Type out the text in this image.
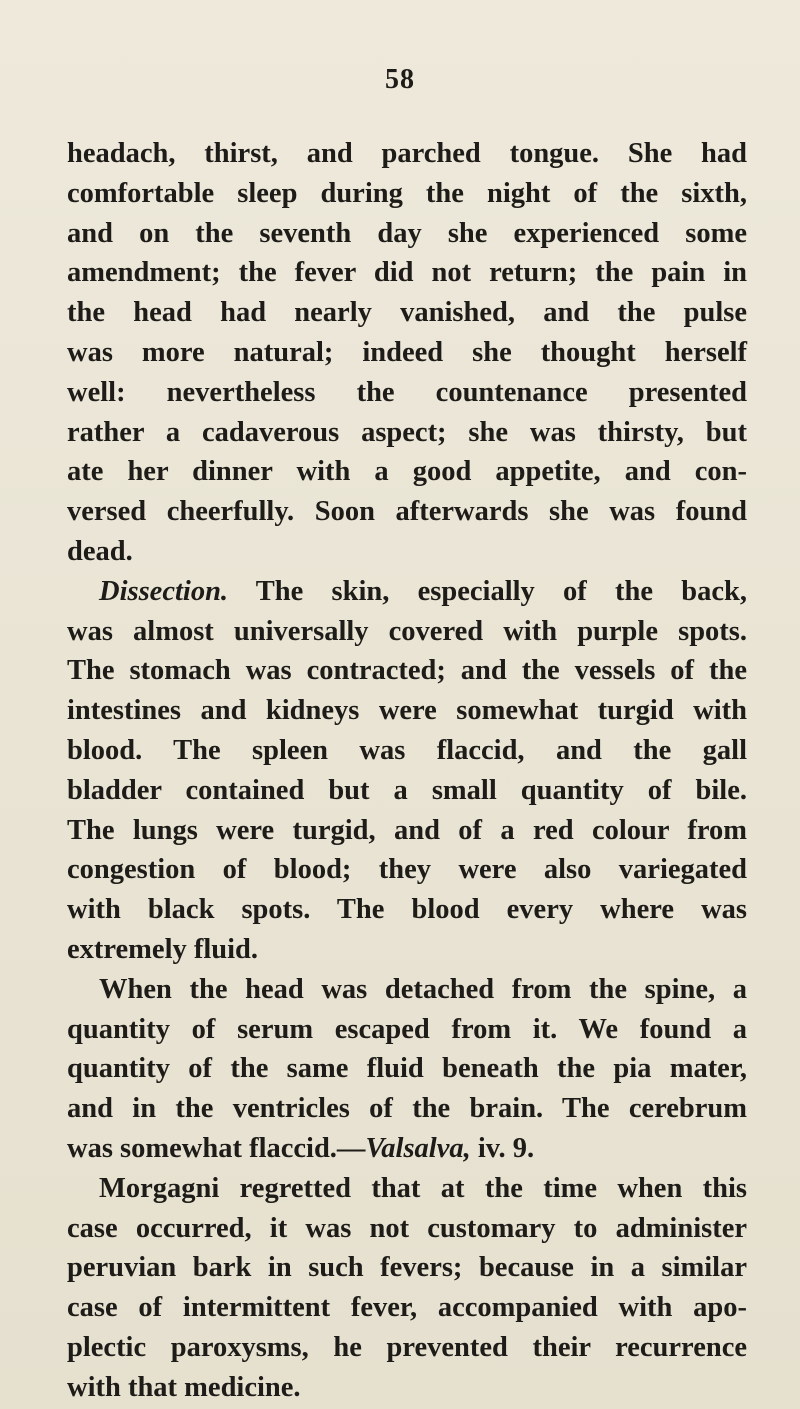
58
headach, thirst, and parched tongue. She had
comfortable sleep during the night of the sixth,
and on the seventh day she experienced some
amendment; the fever did not return; the pain in
the head had nearly vanished, and the pulse
was more natural; indeed she thought herself
well: nevertheless the countenance presented
rather a cadaverous aspect; she was thirsty, but
ate her dinner with a good appetite, and con-
versed cheerfully. Soon afterwards she was found
dead.
Dissection. The skin, especially of the back,
was almost universally covered with purple spots.
The stomach was contracted; and the vessels of the
intestines and kidneys were somewhat turgid with
blood. The spleen was flaccid, and the gall
bladder contained but a small quantity of bile.
The lungs were turgid, and of a red colour from
congestion of blood; they were also variegated
with black spots. The blood every where was
extremely fluid.
When the head was detached from the spine, a
quantity of serum escaped from it. We found a
quantity of the same fluid beneath the pia mater,
and in the ventricles of the brain. The cerebrum
was somewhat flaccid.—Valsalva, iv. 9.
Morgagni regretted that at the time when this
case occurred, it was not customary to administer
peruvian bark in such fevers; because in a similar
case of intermittent fever, accompanied with apo-
plectic paroxysms, he prevented their recurrence
with that medicine.
